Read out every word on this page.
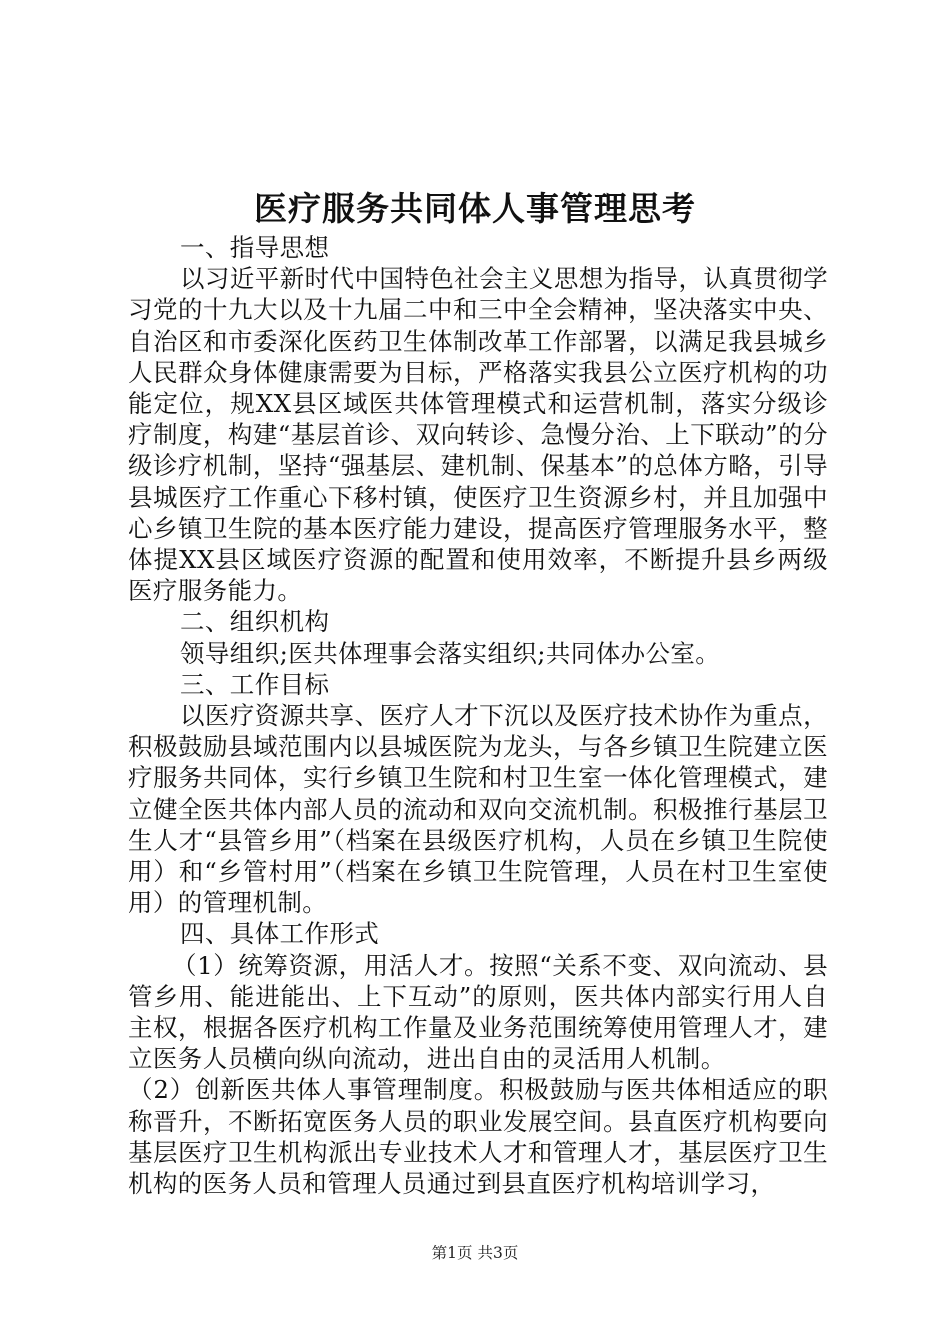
医疗服务共同体人事管理思考

一、指导思想

以习近平新时代中国特色社会主义思想为指导，认真贯彻学习党的十九大以及十九届二中和三中全会精神，坚决落实中央、自治区和市委深化医药卫生体制改革工作部署，以满足我县城乡人民群众身体健康需要为目标，严格落实我县公立医疗机构的功能定位，规XX县区域医共体管理模式和运营机制，落实分级诊疗制度，构建“基层首诊、双向转诊、急慢分治、上下联动”的分级诊疗机制，坚持“强基层、建机制、保基本”的总体方略，引导县城医疗工作重心下移村镇，使医疗卫生资源乡村，并且加强中心乡镇卫生院的基本医疗能力建设，提高医疗管理服务水平，整体提XX县区域医疗资源的配置和使用效率，不断提升县乡两级医疗服务能力。

二、组织机构

领导组织;医共体理事会落实组织;共同体办公室。

三、工作目标

以医疗资源共享、医疗人才下沉以及医疗技术协作为重点，积极鼓励县域范围内以县城医院为龙头，与各乡镇卫生院建立医疗服务共同体，实行乡镇卫生院和村卫生室一体化管理模式，建立健全医共体内部人员的流动和双向交流机制。积极推行基层卫生人才“县管乡用”（档案在县级医疗机构，人员在乡镇卫生院使用）和“乡管村用”（档案在乡镇卫生院管理，人员在村卫生室使用）的管理机制。

四、具体工作形式

（1）统筹资源，用活人才。按照“关系不变、双向流动、县管乡用、能进能出、上下互动”的原则，医共体内部实行用人自主权，根据各医疗机构工作量及业务范围统筹使用管理人才，建立医务人员横向纵向流动，进出自由的灵活用人机制。

（2）创新医共体人事管理制度。积极鼓励与医共体相适应的职称晋升，不断拓宽医务人员的职业发展空间。县直医疗机构要向基层医疗卫生机构派出专业技术人才和管理人才，基层医疗卫生机构的医务人员和管理人员通过到县直医疗机构培训学习，

第1页 共3页
